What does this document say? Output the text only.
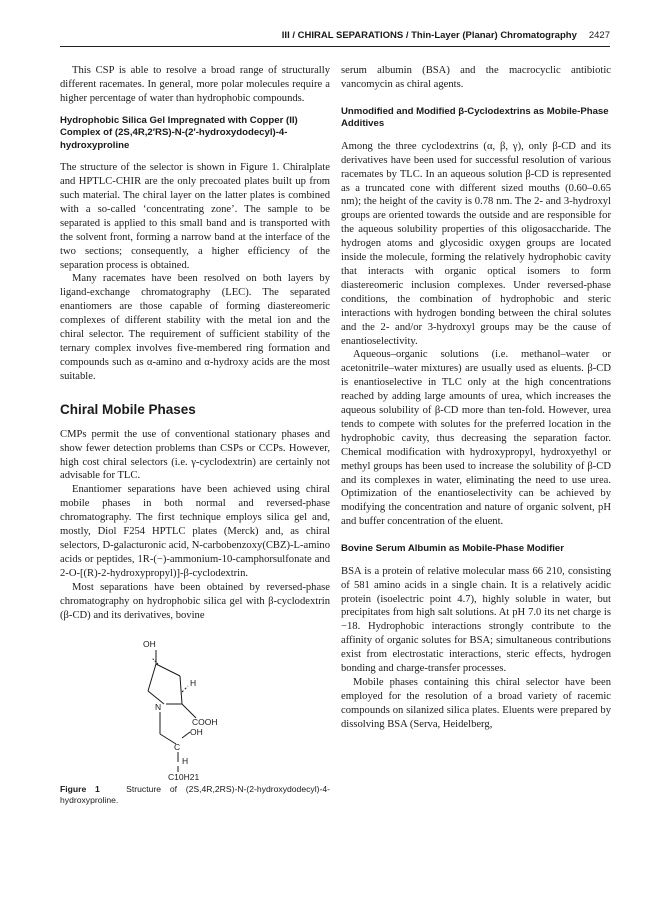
III / CHIRAL SEPARATIONS / Thin-Layer (Planar) Chromatography 2427

This CSP is able to resolve a broad range of structurally different racemates. In general, more polar molecules require a higher percentage of water than hydrophobic compounds.

Hydrophobic Silica Gel Impregnated with Copper (II) Complex of (2S,4R,2′RS)-N-(2′-hydroxydodecyl)-4-hydroxyproline

The structure of the selector is shown in Figure 1. Chiralplate and HPTLC-CHIR are the only precoated plates built up from such material. The chiral layer on the latter plates is combined with a so-called ‘concentrating zone’. The sample to be separated is applied to this small band and is transported with the solvent front, forming a narrow band at the interface of the two sections; consequently, a higher efficiency of the separation process is obtained.

Many racemates have been resolved on both layers by ligand-exchange chromatography (LEC). The separated enantiomers are those capable of forming diastereomeric complexes of different stability with the metal ion and the chiral selector. The requirement of sufficient stability of the ternary complex involves five-membered ring formation and compounds such as α-amino and α-hydroxy acids are the most suitable.

Chiral Mobile Phases

CMPs permit the use of conventional stationary phases and show fewer detection problems than CSPs or CCPs. However, high cost chiral selectors (i.e. γ-cyclodextrin) are certainly not advisable for TLC.

Enantiomer separations have been achieved using chiral mobile phases in both normal and reversed-phase chromatography. The first technique employs silica gel and, mostly, Diol F254 HPTLC plates (Merck) and, as chiral selectors, D-galacturonic acid, N-carbobenzoxy(CBZ)-L-amino acids or peptides, 1R-(−)-ammonium-10-camphorsulfonate and 2-O-[(R)-2-hydroxypropyl)]-β-cyclodextrin.

Most separations have been obtained by reversed-phase chromatography on hydrophobic silica gel with β-cyclodextrin (β-CD) and its derivatives, bovine

OH
H
N
COOH
OH
C
H
C10H21
Figure 1	Structure of (2S,4R,2RS)-N-(2-hydroxydodecyl)-4-hydroxyproline.

serum albumin (BSA) and the macrocyclic antibiotic vancomycin as chiral agents.

Unmodified and Modified β-Cyclodextrins as Mobile-Phase Additives

Among the three cyclodextrins (α, β, γ), only β-CD and its derivatives have been used for successful resolution of various racemates by TLC. In an aqueous solution β-CD is represented as a truncated cone with different sized mouths (0.60–0.65 nm); the height of the cavity is 0.78 nm. The 2- and 3-hydroxyl groups are oriented towards the outside and are responsible for the aqueous solubility properties of this oligosaccharide. The hydrogen atoms and glycosidic oxygen groups are located inside the molecule, forming the relatively hydrophobic cavity that interacts with organic optical isomers to form diastereomeric inclusion complexes. Under reversed-phase conditions, the combination of hydrophobic and steric interactions with hydrogen bonding between the chiral solutes and the 2- and/or 3-hydroxyl groups may be the cause of enantioselectivity.

Aqueous–organic solutions (i.e. methanol–water or acetonitrile–water mixtures) are usually used as eluents. β-CD is enantioselective in TLC only at the high concentrations reached by adding large amounts of urea, which increases the aqueous solubility of β-CD more than ten-fold. However, urea tends to compete with solutes for the preferred location in the hydrophobic cavity, thus decreasing the separation factor. Chemical modification with hydroxypropyl, hydroxyethyl or methyl groups has been used to increase the solubility of β-CD and its complexes in water, eliminating the need to use urea. Optimization of the enantioselectivity can be achieved by modifying the concentration and nature of organic solvent, pH and buffer concentration of the eluent.

Bovine Serum Albumin as Mobile-Phase Modifier

BSA is a protein of relative molecular mass 66 210, consisting of 581 amino acids in a single chain. It is a relatively acidic protein (isoelectric point 4.7), highly soluble in water, but precipitates from high salt solutions. At pH 7.0 its net charge is −18. Hydrophobic interactions strongly contribute to the affinity of organic solutes for BSA; simultaneous contributions exist from electrostatic interactions, steric effects, hydrogen bonding and charge-transfer processes.

Mobile phases containing this chiral selector have been employed for the resolution of a broad variety of racemic compounds on silanized silica plates. Eluents were prepared by dissolving BSA (Serva, Heidelberg,
